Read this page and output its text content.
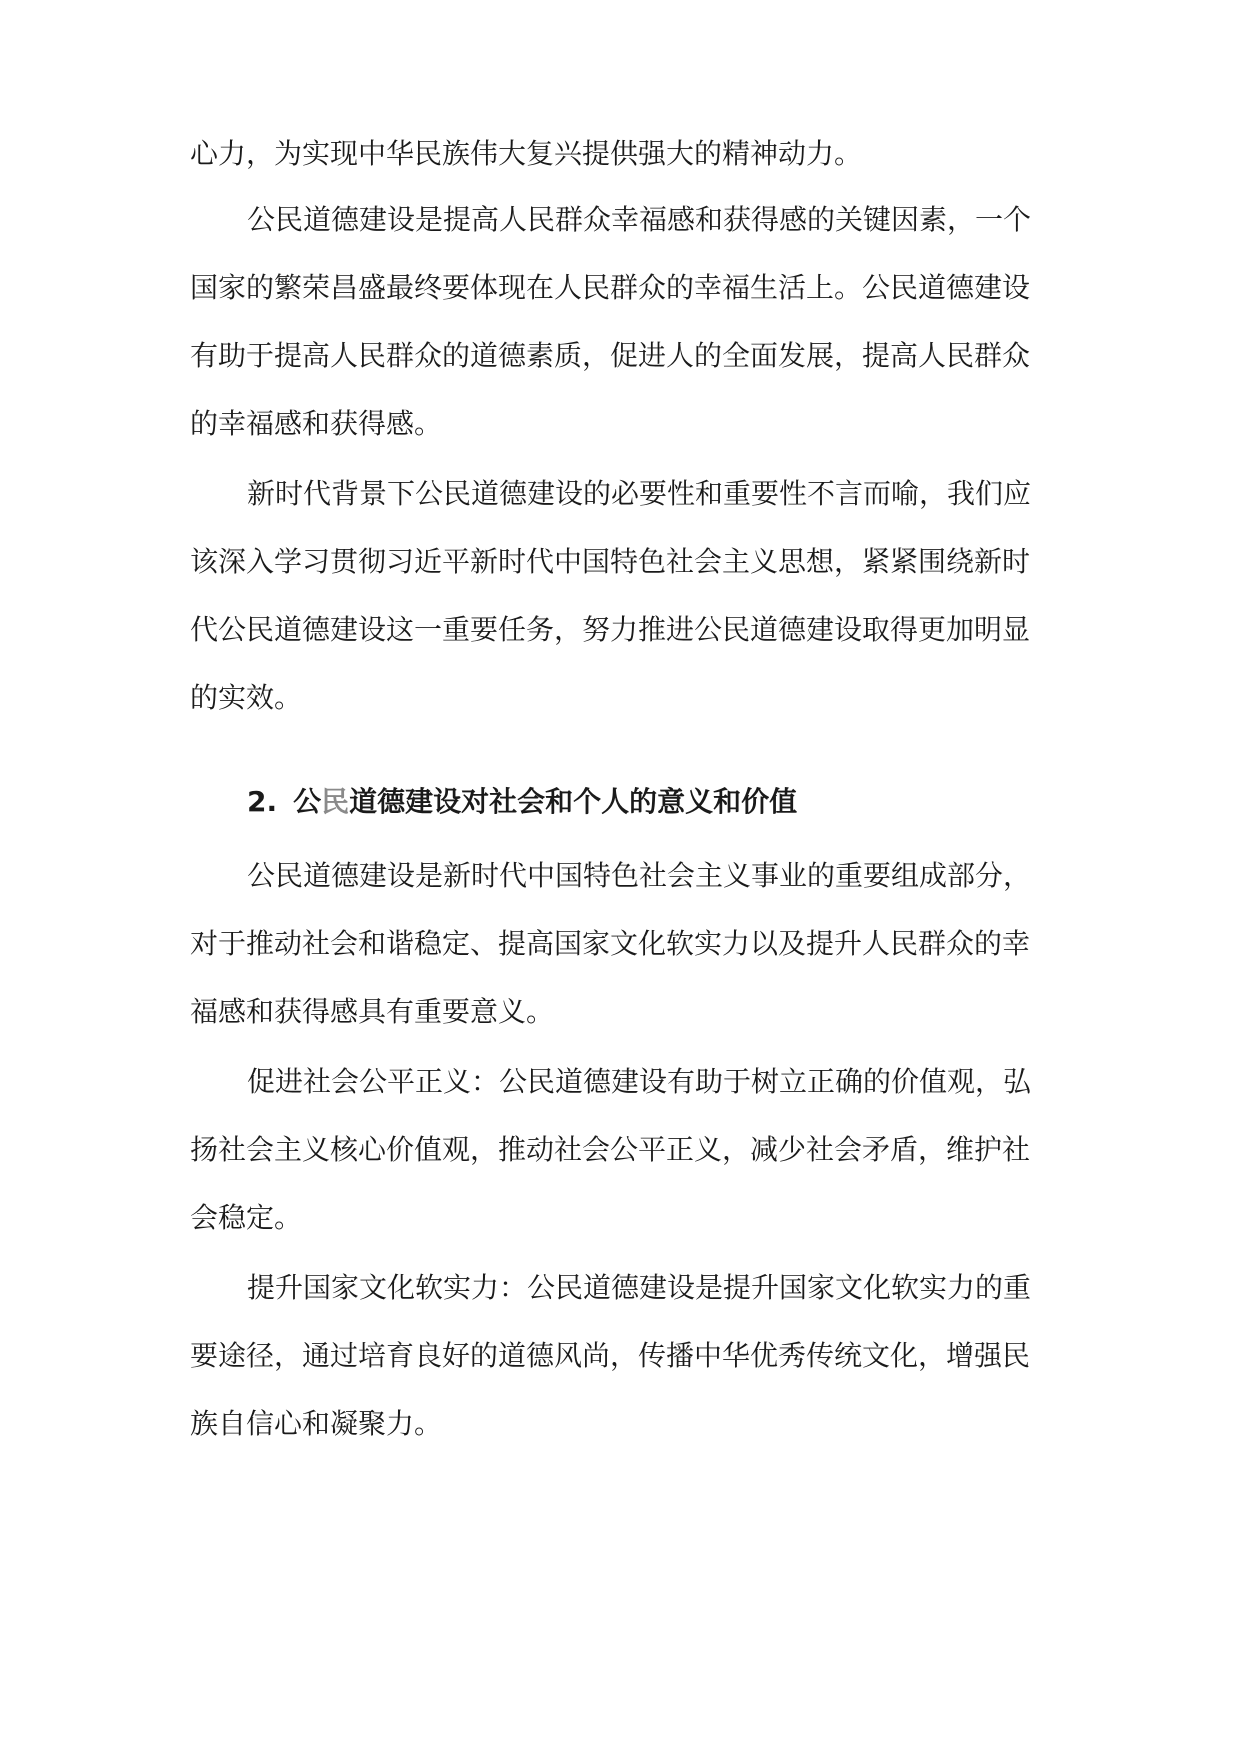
心力，为实现中华民族伟大复兴提供强大的精神动力。
公民道德建设是提高人民群众幸福感和获得感的关键因素，一个
国家的繁荣昌盛最终要体现在人民群众的幸福生活上。公民道德建设
有助于提高人民群众的道德素质，促进人的全面发展，提高人民群众
的幸福感和获得感。
新时代背景下公民道德建设的必要性和重要性不言而喻，我们应
该深入学习贯彻习近平新时代中国特色社会主义思想，紧紧围绕新时
代公民道德建设这一重要任务，努力推进公民道德建设取得更加明显
的实效。
2. 公民道德建设对社会和个人的意义和价值
公民道德建设是新时代中国特色社会主义事业的重要组成部分，
对于推动社会和谐稳定、提高国家文化软实力以及提升人民群众的幸
福感和获得感具有重要意义。
促进社会公平正义：公民道德建设有助于树立正确的价值观，弘
扬社会主义核心价值观，推动社会公平正义，减少社会矛盾，维护社
会稳定。
提升国家文化软实力：公民道德建设是提升国家文化软实力的重
要途径，通过培育良好的道德风尚，传播中华优秀传统文化，增强民
族自信心和凝聚力。
